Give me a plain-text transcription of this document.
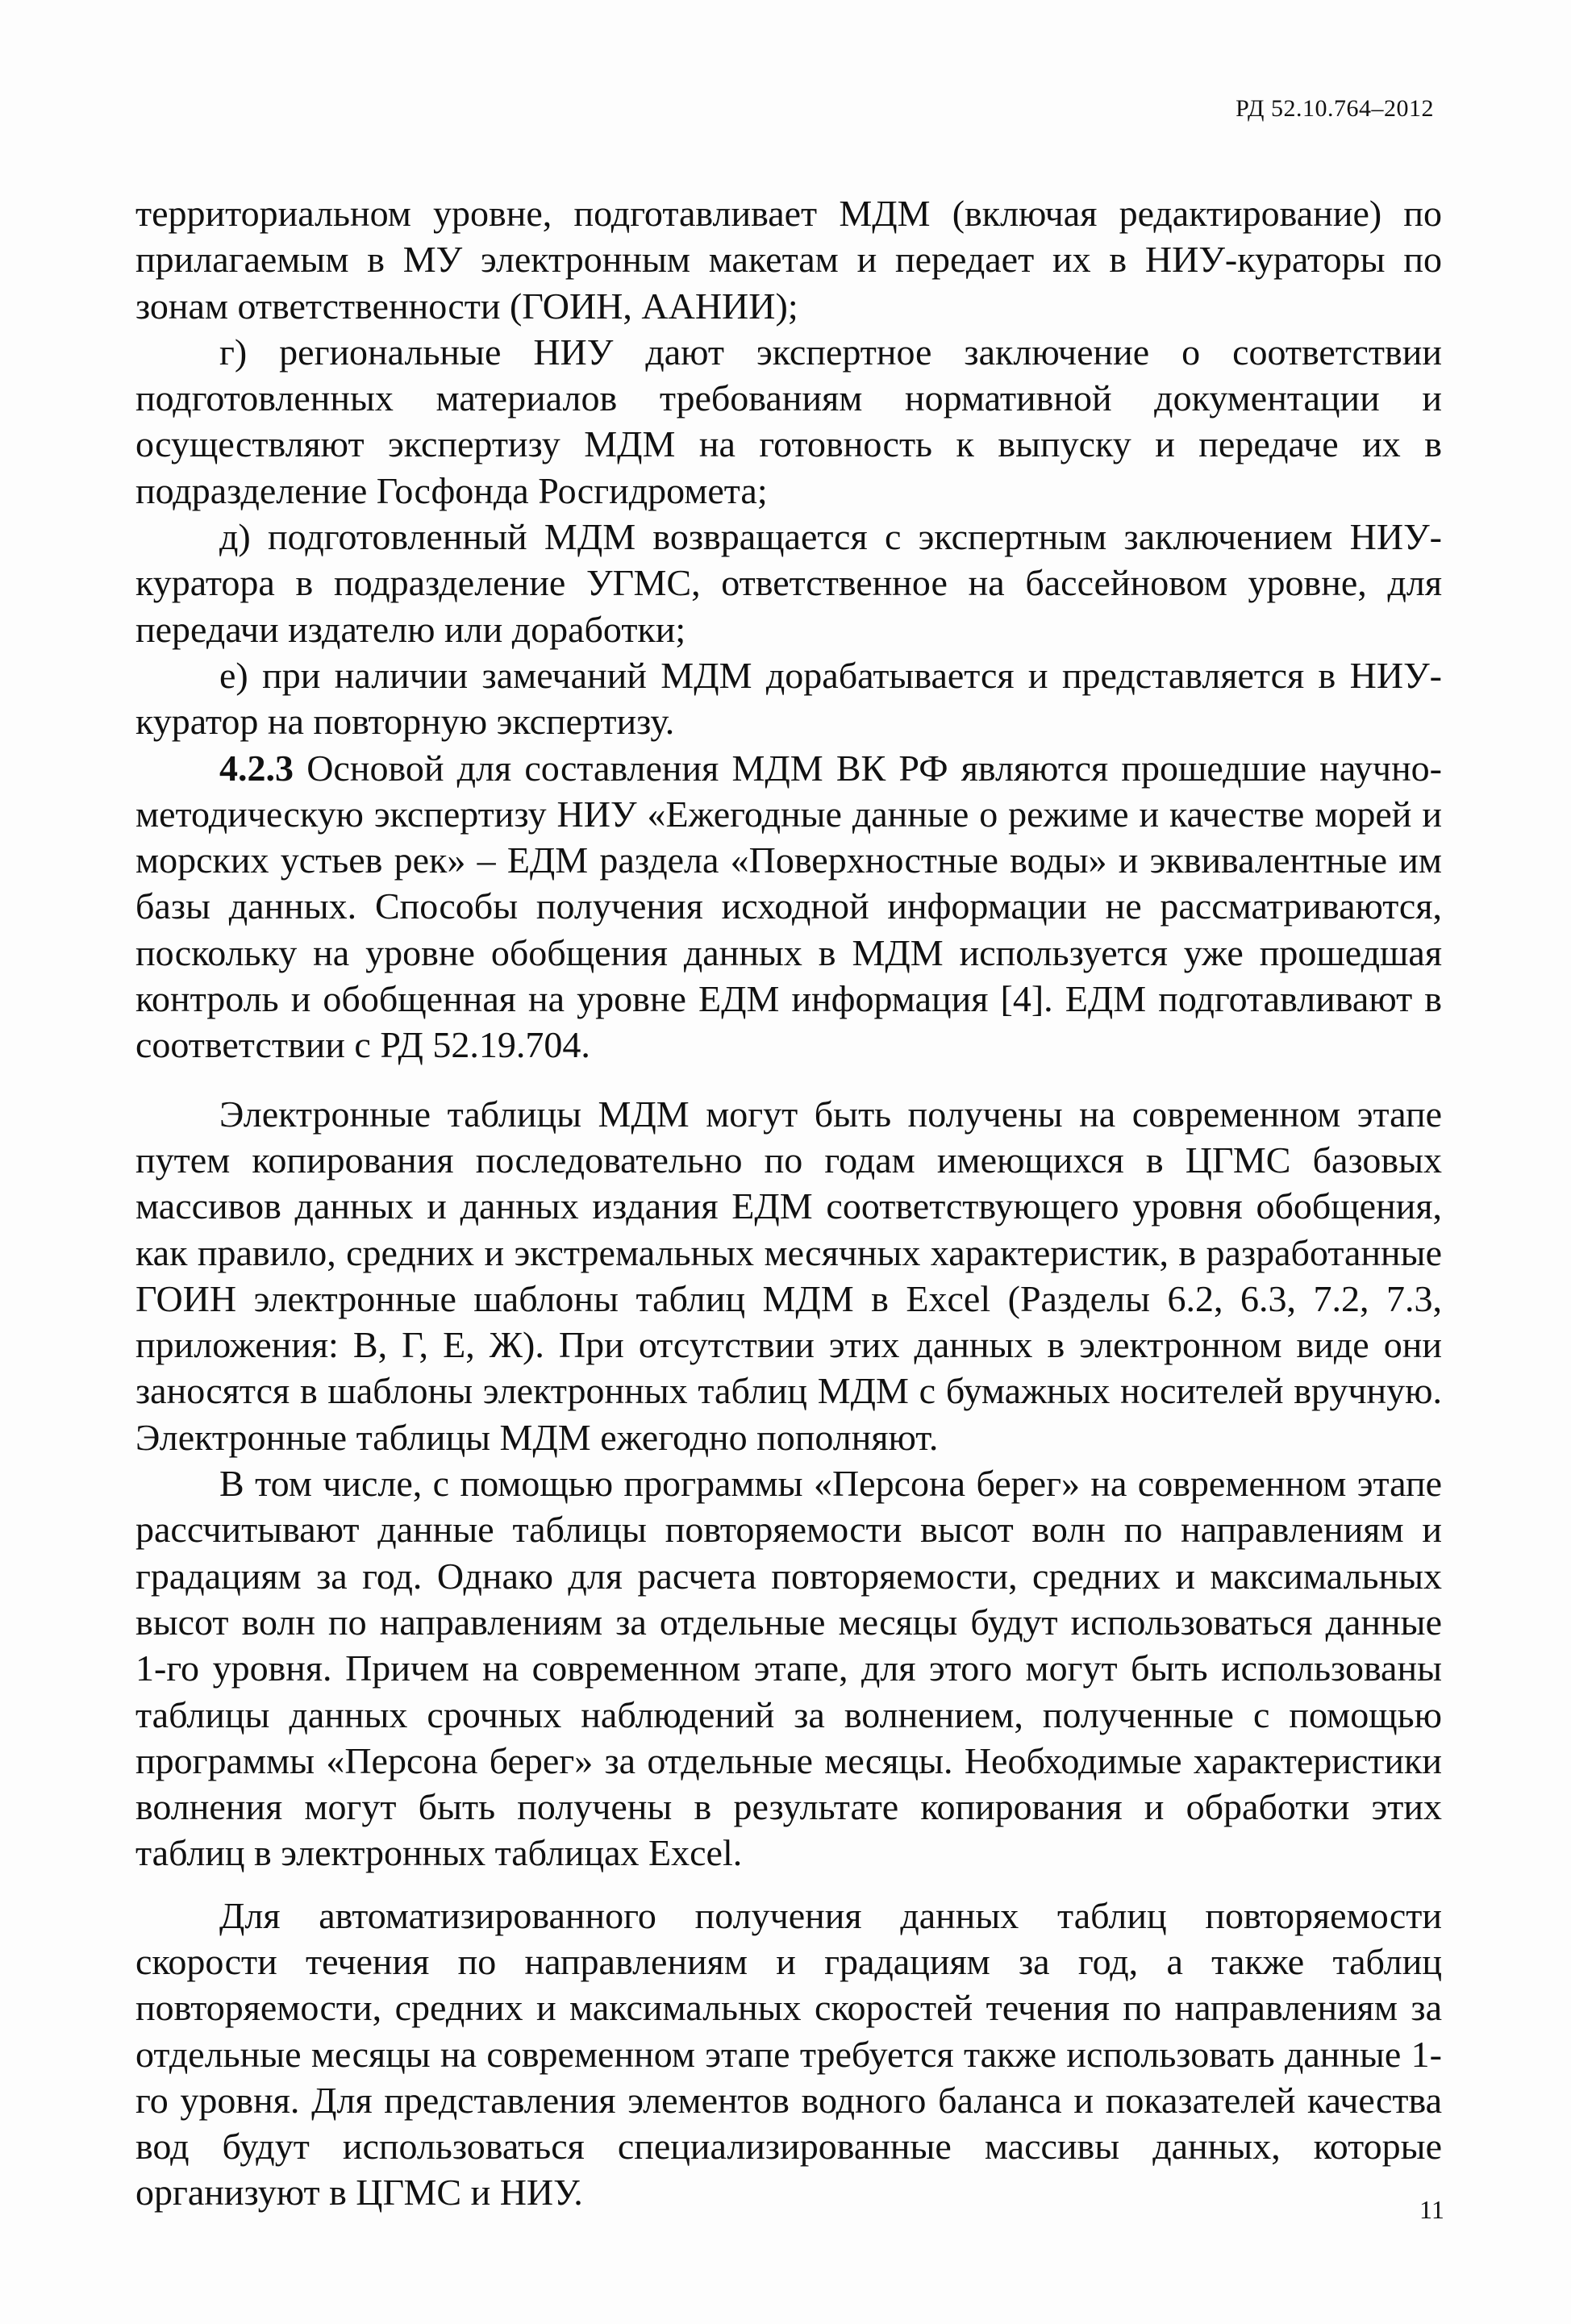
РД 52.10.764–2012

территориальном уровне, подготавливает МДМ (включая редактирование) по прилагаемым в МУ электронным макетам и передает их в НИУ-кураторы по зонам ответственности (ГОИН, ААНИИ);

г) региональные НИУ дают экспертное заключение о соответствии подготовленных материалов требованиям нормативной документации и осуществляют экспертизу МДМ на готовность к выпуску и передаче их в подразделение Госфонда Росгидромета;

д) подготовленный МДМ возвращается с экспертным заключением НИУ-куратора в подразделение УГМС, ответственное на бассейновом уровне, для передачи издателю или доработки;

е) при наличии замечаний МДМ дорабатывается и представляется в НИУ-куратор на повторную экспертизу.

4.2.3 Основой для составления МДМ ВК РФ являются прошедшие научно-методическую экспертизу НИУ «Ежегодные данные о режиме и качестве морей и морских устьев рек» – ЕДМ раздела «Поверхностные воды» и эквивалентные им базы данных. Способы получения исходной информации не рассматриваются, поскольку на уровне обобщения данных в МДМ используется уже прошедшая контроль и обобщенная на уровне ЕДМ информация [4]. ЕДМ подготавливают в соответствии с РД 52.19.704.

Электронные таблицы МДМ могут быть получены на современном этапе путем копирования последовательно по годам имеющихся в ЦГМС базовых массивов данных и данных издания ЕДМ соответствующего уровня обобщения, как правило, средних и экстремальных месячных характеристик, в разработанные ГОИН электронные шаблоны таблиц МДМ в Excel (Разделы 6.2, 6.3, 7.2, 7.3, приложения: В, Г, Е, Ж). При отсутствии этих данных в электронном виде они заносятся в шаблоны электронных таблиц МДМ с бумажных носителей вручную. Электронные таблицы МДМ ежегодно пополняют.

В том числе, с помощью программы «Персона берег» на современном этапе рассчитывают данные таблицы повторяемости высот волн по направлениям и градациям за год. Однако для расчета повторяемости, средних и максимальных высот волн по направлениям за отдельные месяцы будут использоваться данные 1-го уровня. Причем на современном этапе, для этого могут быть использованы таблицы данных срочных наблюдений за волнением, полученные с помощью программы «Персона берег» за отдельные месяцы. Необходимые характеристики волнения могут быть получены в результате копирования и обработки этих таблиц в электронных таблицах Excel.

Для автоматизированного получения данных таблиц повторяемости скорости течения по направлениям и градациям за год, а также таблиц повторяемости, средних и максимальных скоростей течения по направлениям за отдельные месяцы на современном этапе требуется также использовать данные 1-го уровня. Для представления элементов водного баланса и показателей качества вод будут использоваться специализированные массивы данных, которые организуют в ЦГМС и НИУ.	11
